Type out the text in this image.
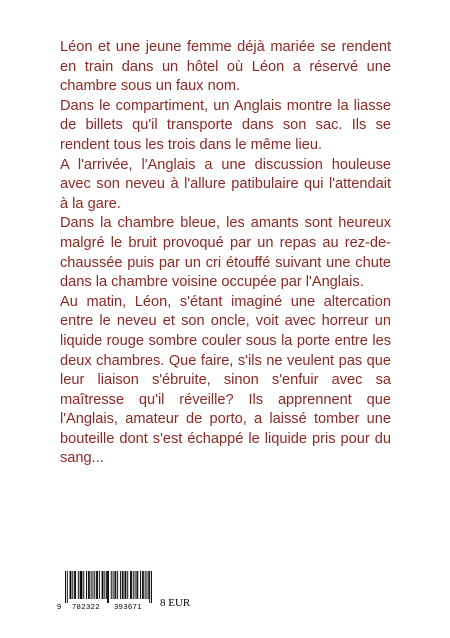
Léon et une jeune femme déjà mariée se rendent en train dans un hôtel où Léon a réservé une chambre sous un faux nom.

Dans le compartiment, un Anglais montre la liasse de billets qu'il transporte dans son sac. Ils se rendent tous les trois dans le même lieu.

A l'arrivée, l'Anglais a une discussion houleuse avec son neveu à l'allure patibulaire qui l'attendait à la gare.

Dans la chambre bleue, les amants sont heureux malgré le bruit provoqué par un repas au rez-de-chaussée puis par un cri étouffé suivant une chute dans la chambre voisine occupée par l'Anglais.

Au matin, Léon, s'étant imaginé une altercation entre le neveu et son oncle, voit avec horreur un liquide rouge sombre couler sous la porte entre les deux chambres. Que faire, s'ils ne veulent pas que leur liaison s'ébruite, sinon s'enfuir avec sa maîtresse qu'il réveille? Ils apprennent que l'Anglais, amateur de porto, a laissé tomber une bouteille dont s'est échappé le liquide pris pour du sang...

9 782322 393671	8 EUR
